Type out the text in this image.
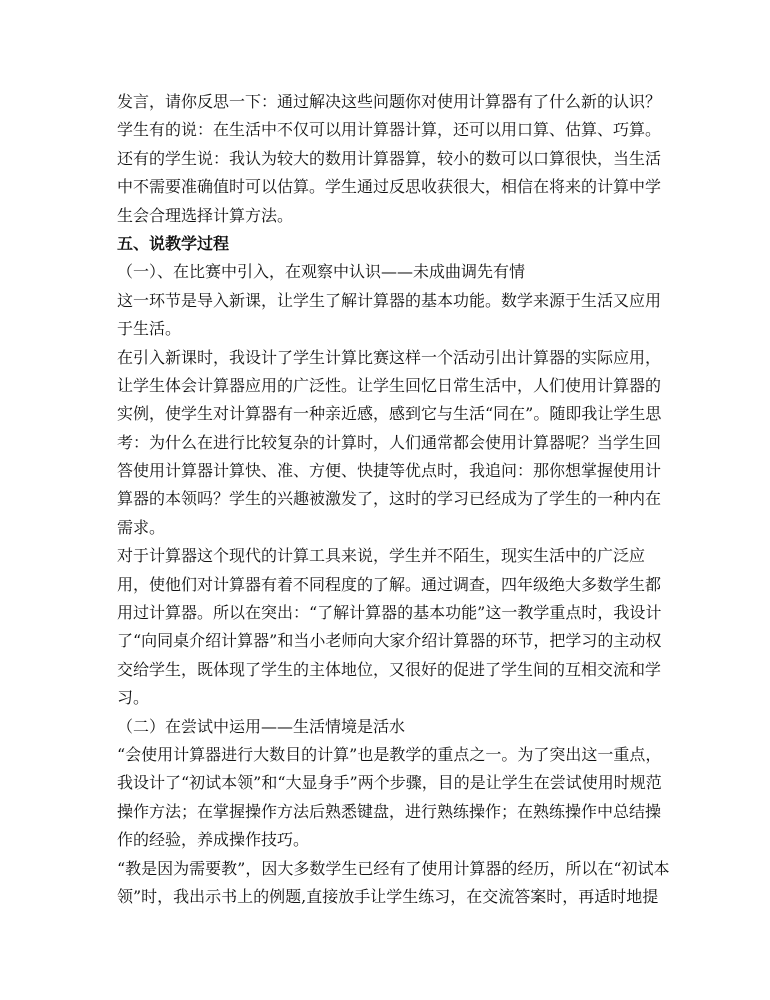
发言，请你反思一下：通过解决这些问题你对使用计算器有了什么新的认识？

学生有的说：在生活中不仅可以用计算器计算，还可以用口算、估算、巧算。

还有的学生说：我认为较大的数用计算器算，较小的数可以口算很快，当生活

中不需要准确值时可以估算。学生通过反思收获很大，相信在将来的计算中学

生会合理选择计算方法。

五、说教学过程

（一）、在比赛中引入，在观察中认识——未成曲调先有情

这一环节是导入新课，让学生了解计算器的基本功能。数学来源于生活又应用

于生活。

在引入新课时，我设计了学生计算比赛这样一个活动引出计算器的实际应用，

让学生体会计算器应用的广泛性。让学生回忆日常生活中，人们使用计算器的

实例，使学生对计算器有一种亲近感，感到它与生活“同在”。随即我让学生思

考：为什么在进行比较复杂的计算时，人们通常都会使用计算器呢？当学生回

答使用计算器计算快、准、方便、快捷等优点时，我追问：那你想掌握使用计

算器的本领吗？学生的兴趣被激发了，这时的学习已经成为了学生的一种内在

需求。

对于计算器这个现代的计算工具来说，学生并不陌生，现实生活中的广泛应

用，使他们对计算器有着不同程度的了解。通过调查，四年级绝大多数学生都

用过计算器。所以在突出：“了解计算器的基本功能”这一教学重点时，我设计

了“向同桌介绍计算器”和当小老师向大家介绍计算器的环节，把学习的主动权

交给学生，既体现了学生的主体地位，又很好的促进了学生间的互相交流和学

习。

（二）在尝试中运用——生活情境是活水

“会使用计算器进行大数目的计算”也是教学的重点之一。为了突出这一重点，

我设计了“初试本领”和“大显身手”两个步骤，目的是让学生在尝试使用时规范

操作方法；在掌握操作方法后熟悉键盘，进行熟练操作；在熟练操作中总结操

作的经验，养成操作技巧。

“教是因为需要教”，因大多数学生已经有了使用计算器的经历，所以在“初试本

领”时，我出示书上的例题,直接放手让学生练习，在交流答案时，再适时地提
